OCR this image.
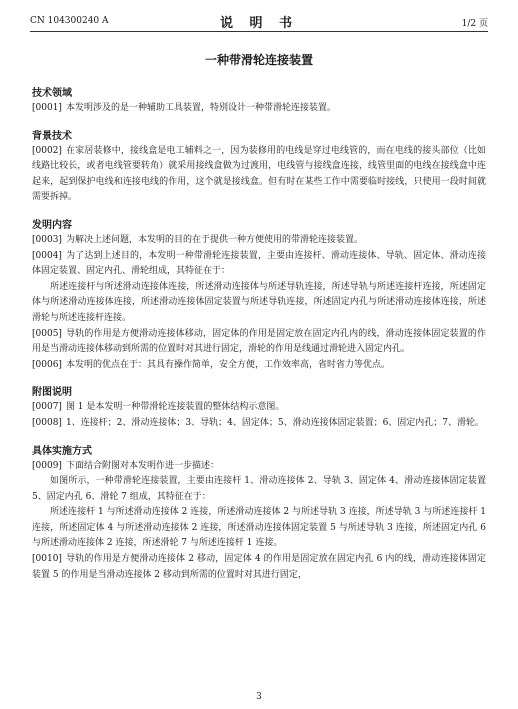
CN 104300240 A	说 明 书	1/2 页
一种带滑轮连接装置

技术领域

[0001] 本发明涉及的是一种辅助工具装置，特别设计一种带滑轮连接装置。

背景技术

[0002] 在家居装修中，接线盒是电工辅料之一，因为装修用的电线是穿过电线管的，而在电线的接头部位（比如线路比较长，或者电线管要转角）就采用接线盒做为过渡用，电线管与接线盒连接，线管里面的电线在接线盒中连起来，起到保护电线和连接电线的作用，这个就是接线盒。但有时在某些工作中需要临时接线，只使用一段时间就需要拆掉。

发明内容

[0003] 为解决上述问题，本发明的目的在于提供一种方便使用的带滑轮连接装置。

[0004] 为了达到上述目的，本发明一种带滑轮连接装置，主要由连接杆、滑动连接体、导轨、固定体、滑动连接体固定装置、固定内孔、滑轮组成，其特征在于：

所述连接杆与所述滑动连接体连接，所述滑动连接体与所述导轨连接，所述导轨与所述连接杆连接，所述固定体与所述滑动连接体连接，所述滑动连接体固定装置与所述导轨连接，所述固定内孔与所述滑动连接体连接，所述滑轮与所述连接杆连接。

[0005] 导轨的作用是方便滑动连接体移动，固定体的作用是固定放在固定内孔内的线，滑动连接体固定装置的作用是当滑动连接体移动到所需的位置时对其进行固定，滑轮的作用是线通过滑轮进入固定内孔。

[0006] 本发明的优点在于：其具有操作简单，安全方便，工作效率高，省时省力等优点。

附图说明

[0007] 图 1 是本发明一种带滑轮连接装置的整体结构示意图。

[0008] 1、连接杆；2、滑动连接体；3、导轨；4、固定体；5、滑动连接体固定装置；6、固定内孔；7、滑轮。

具体实施方式

[0009] 下面结合附图对本发明作进一步描述：

如图所示，一种带滑轮连接装置，主要由连接杆 1、滑动连接体 2、导轨 3、固定体 4、滑动连接体固定装置 5、固定内孔 6、滑轮 7 组成，其特征在于：

所述连接杆 1 与所述滑动连接体 2 连接，所述滑动连接体 2 与所述导轨 3 连接，所述导轨 3 与所述连接杆 1 连接，所述固定体 4 与所述滑动连接体 2 连接，所述滑动连接体固定装置 5 与所述导轨 3 连接，所述固定内孔 6 与所述滑动连接体 2 连接，所述滑轮 7 与所述连接杆 1 连接。

[0010] 导轨的作用是方便滑动连接体 2 移动，固定体 4 的作用是固定放在固定内孔 6 内的线，滑动连接体固定装置 5 的作用是当滑动连接体 2 移动到所需的位置时对其进行固定，

3
